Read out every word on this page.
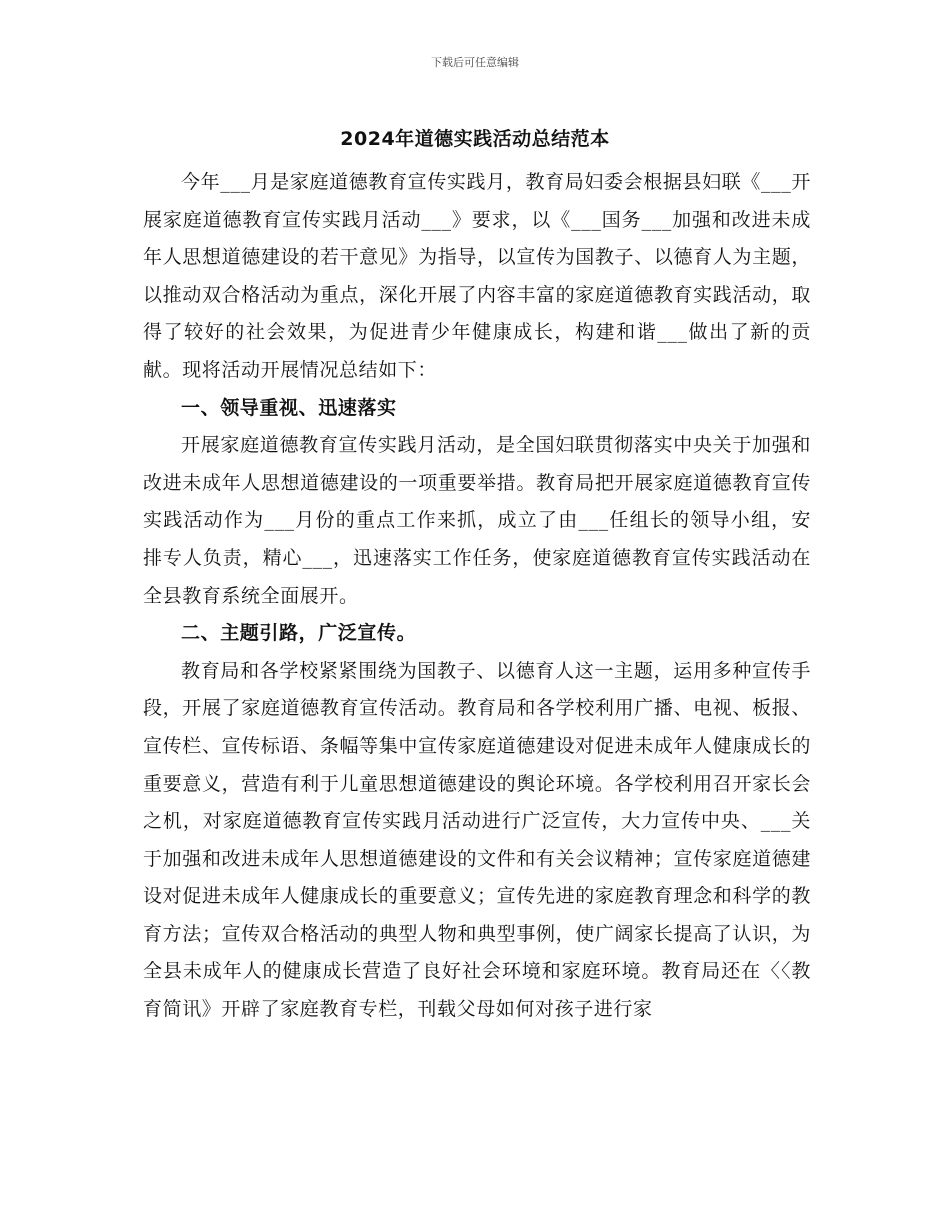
下载后可任意编辑
2024年道德实践活动总结范本

今年___月是家庭道德教育宣传实践月，教育局妇委会根据县妇联《___开展家庭道德教育宣传实践月活动___》要求，以《___国务___加强和改进未成年人思想道德建设的若干意见》为指导，以宣传为国教子、以德育人为主题，以推动双合格活动为重点，深化开展了内容丰富的家庭道德教育实践活动，取得了较好的社会效果，为促进青少年健康成长，构建和谐___做出了新的贡献。现将活动开展情况总结如下：

一、领导重视、迅速落实

开展家庭道德教育宣传实践月活动，是全国妇联贯彻落实中央关于加强和改进未成年人思想道德建设的一项重要举措。教育局把开展家庭道德教育宣传实践活动作为___月份的重点工作来抓，成立了由___任组长的领导小组，安排专人负责，精心___，迅速落实工作任务，使家庭道德教育宣传实践活动在全县教育系统全面展开。

二、主题引路，广泛宣传。

教育局和各学校紧紧围绕为国教子、以德育人这一主题，运用多种宣传手段，开展了家庭道德教育宣传活动。教育局和各学校利用广播、电视、板报、宣传栏、宣传标语、条幅等集中宣传家庭道德建设对促进未成年人健康成长的重要意义，营造有利于儿童思想道德建设的舆论环境。各学校利用召开家长会之机，对家庭道德教育宣传实践月活动进行广泛宣传，大力宣传中央、___关于加强和改进未成年人思想道德建设的文件和有关会议精神；宣传家庭道德建设对促进未成年人健康成长的重要意义；宣传先进的家庭教育理念和科学的教育方法；宣传双合格活动的典型人物和典型事例，使广阔家长提高了认识，为全县未成年人的健康成长营造了良好社会环境和家庭环境。教育局还在〈〈教育简讯》开辟了家庭教育专栏，刊载父母如何对孩子进行家
